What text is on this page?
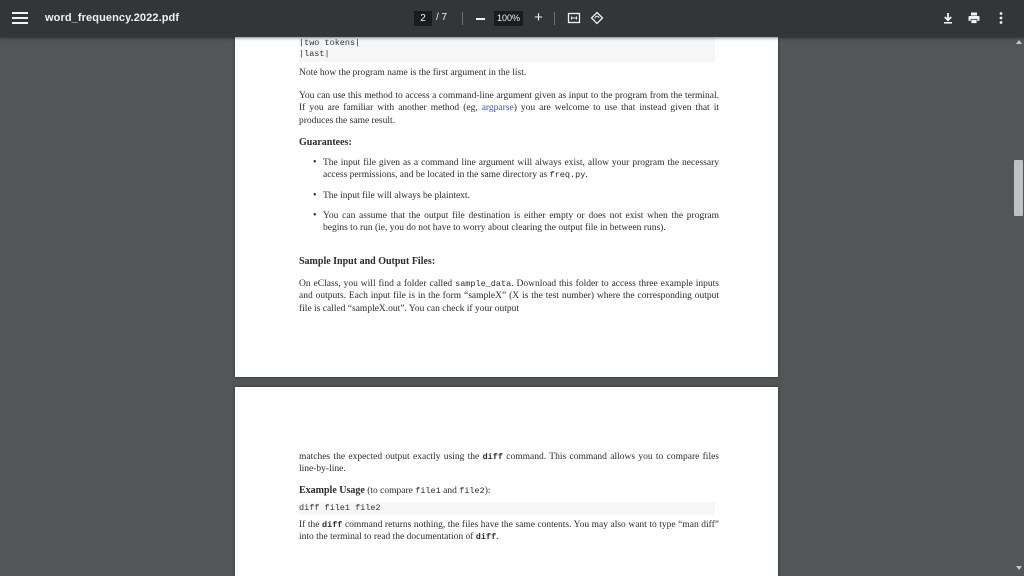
word_frequency.2022.pdf	2	/ 7	100% +
|two tokens|
|last|
Note how the program name is the first argument in the list.
You can use this method to access a command-line argument given as input to the program from the terminal. If you are familiar with another method (eg, argparse) you are welcome to use that instead given that it produces the same result.
Guarantees:
• The input file given as a command line argument will always exist, allow your program the necessary access permissions, and be located in the same directory as freq.py.
• The input file will always be plaintext.
• You can assume that the output file destination is either empty or does not exist when the program begins to run (ie, you do not have to worry about clearing the output file in between runs).
Sample Input and Output Files:
On eClass, you will find a folder called sample_data. Download this folder to access three example inputs and outputs. Each input file is in the form “sampleX” (X is the test number) where the corresponding output file is called “sampleX.out”. You can check if your output
matches the expected output exactly using the diff command. This command allows you to compare files line-by-line.
Example Usage (to compare file1 and file2):
diff file1 file2
If the diff command returns nothing, the files have the same contents. You may also want to type “man diff” into the terminal to read the documentation of diff.
